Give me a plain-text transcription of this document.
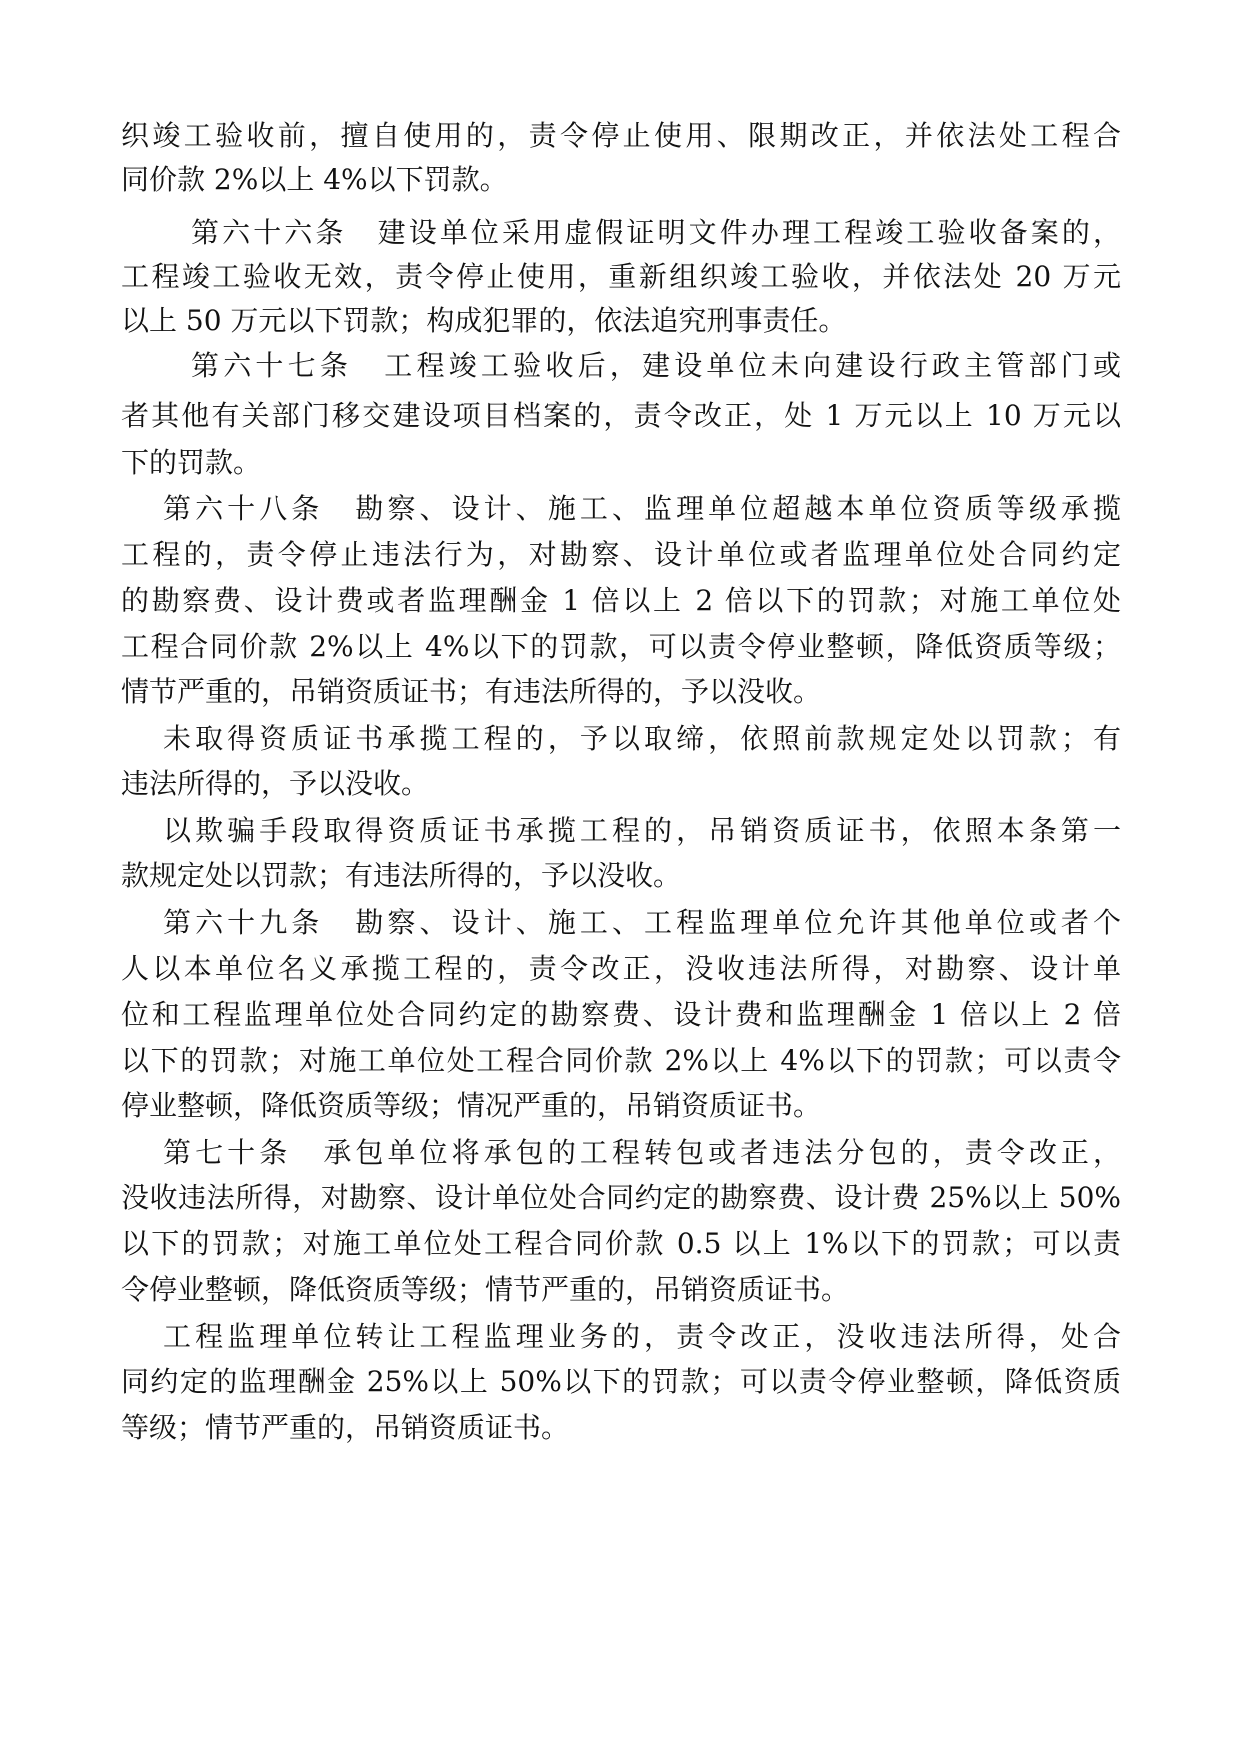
织竣工验收前，擅自使用的，责令停止使用、限期改正，并依法处工程合
同价款 2%以上 4%以下罚款。
第六十六条　建设单位采用虚假证明文件办理工程竣工验收备案的，
工程竣工验收无效，责令停止使用，重新组织竣工验收，并依法处 20 万元
以上 50 万元以下罚款；构成犯罪的，依法追究刑事责任。
第六十七条　工程竣工验收后，建设单位未向建设行政主管部门或
者其他有关部门移交建设项目档案的，责令改正，处 1 万元以上 10 万元以
下的罚款。
第六十八条　勘察、设计、施工、监理单位超越本单位资质等级承揽
工程的，责令停止违法行为，对勘察、设计单位或者监理单位处合同约定
的勘察费、设计费或者监理酬金 1 倍以上 2 倍以下的罚款；对施工单位处
工程合同价款 2%以上 4%以下的罚款，可以责令停业整顿，降低资质等级；
情节严重的，吊销资质证书；有违法所得的，予以没收。
未取得资质证书承揽工程的，予以取缔，依照前款规定处以罚款；有
违法所得的，予以没收。
以欺骗手段取得资质证书承揽工程的，吊销资质证书，依照本条第一
款规定处以罚款；有违法所得的，予以没收。
第六十九条　勘察、设计、施工、工程监理单位允许其他单位或者个
人以本单位名义承揽工程的，责令改正，没收违法所得，对勘察、设计单
位和工程监理单位处合同约定的勘察费、设计费和监理酬金 1 倍以上 2 倍
以下的罚款；对施工单位处工程合同价款 2%以上 4%以下的罚款；可以责令
停业整顿，降低资质等级；情况严重的，吊销资质证书。
第七十条　承包单位将承包的工程转包或者违法分包的，责令改正，
没收违法所得，对勘察、设计单位处合同约定的勘察费、设计费 25%以上 50%
以下的罚款；对施工单位处工程合同价款 0.5 以上 1%以下的罚款；可以责
令停业整顿，降低资质等级；情节严重的，吊销资质证书。
工程监理单位转让工程监理业务的，责令改正，没收违法所得，处合
同约定的监理酬金 25%以上 50%以下的罚款；可以责令停业整顿，降低资质
等级；情节严重的，吊销资质证书。
